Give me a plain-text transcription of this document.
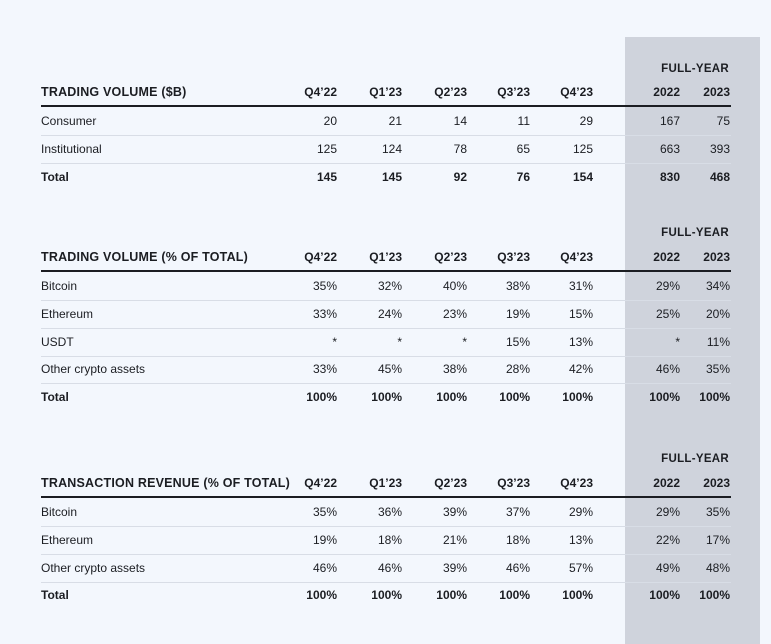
FULL-YEAR
TRADING VOLUME ($B)	Q4’22	Q1’23	Q2’23	Q3’23	Q4’23	2022 2023
Consumer	20	21	14	11	29	167	75
Institutional	125	124	78	65	125	663 393
Total	145	145	92	76	154	830 468
FULL-YEAR
TRADING VOLUME (% OF TOTAL)	Q4’22	Q1’23	Q2’23	Q3’23	Q4’23	2022 2023
Bitcoin	35%	32%	40%	38%	31%	29% 34%
Ethereum	33%	24%	23%	19%	15%	25% 20%
USDT	*	*	*	15%	13%	* 11%
Other crypto assets	33%	45%	38%	28%	42%	46% 35%
Total	100%	100%	100%	100%	100%	100% 100%
FULL-YEAR
TRANSACTION REVENUE (% OF TOTAL) Q4’22	Q1’23	Q2’23	Q3’23	Q4’23	2022 2023
Bitcoin	35%	36%	39%	37%	29%	29% 35%
Ethereum	19%	18%	21%	18%	13%	22% 17%
Other crypto assets	46%	46%	39%	46%	57%	49% 48%
Total	100%	100%	100%	100%	100%	100% 100%
